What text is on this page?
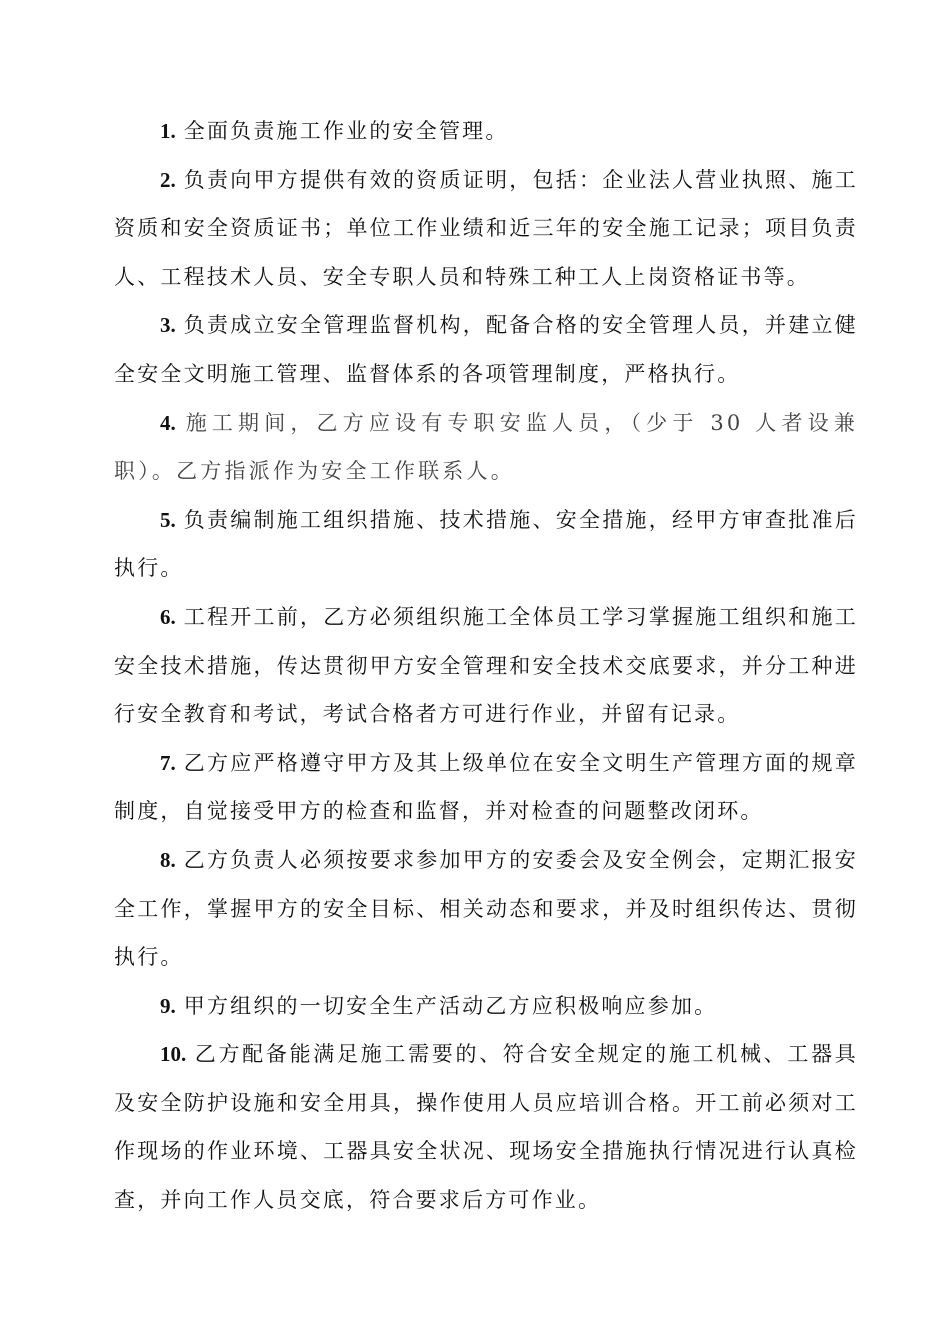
1. 全面负责施工作业的安全管理。

2. 负责向甲方提供有效的资质证明，包括：企业法人营业执照、施工资质和安全资质证书；单位工作业绩和近三年的安全施工记录；项目负责人、工程技术人员、安全专职人员和特殊工种工人上岗资格证书等。

3. 负责成立安全管理监督机构，配备合格的安全管理人员，并建立健全安全文明施工管理、监督体系的各项管理制度，严格执行。

4. 施工期间，乙方应设有专职安监人员，（少于 30 人者设兼职）。乙方指派作为安全工作联系人。

5. 负责编制施工组织措施、技术措施、安全措施，经甲方审查批准后执行。

6. 工程开工前，乙方必须组织施工全体员工学习掌握施工组织和施工安全技术措施，传达贯彻甲方安全管理和安全技术交底要求，并分工种进行安全教育和考试，考试合格者方可进行作业，并留有记录。

7. 乙方应严格遵守甲方及其上级单位在安全文明生产管理方面的规章制度，自觉接受甲方的检查和监督，并对检查的问题整改闭环。

8. 乙方负责人必须按要求参加甲方的安委会及安全例会，定期汇报安全工作，掌握甲方的安全目标、相关动态和要求，并及时组织传达、贯彻执行。

9. 甲方组织的一切安全生产活动乙方应积极响应参加。

10. 乙方配备能满足施工需要的、符合安全规定的施工机械、工器具及安全防护设施和安全用具，操作使用人员应培训合格。开工前必须对工作现场的作业环境、工器具安全状况、现场安全措施执行情况进行认真检查，并向工作人员交底，符合要求后方可作业。
